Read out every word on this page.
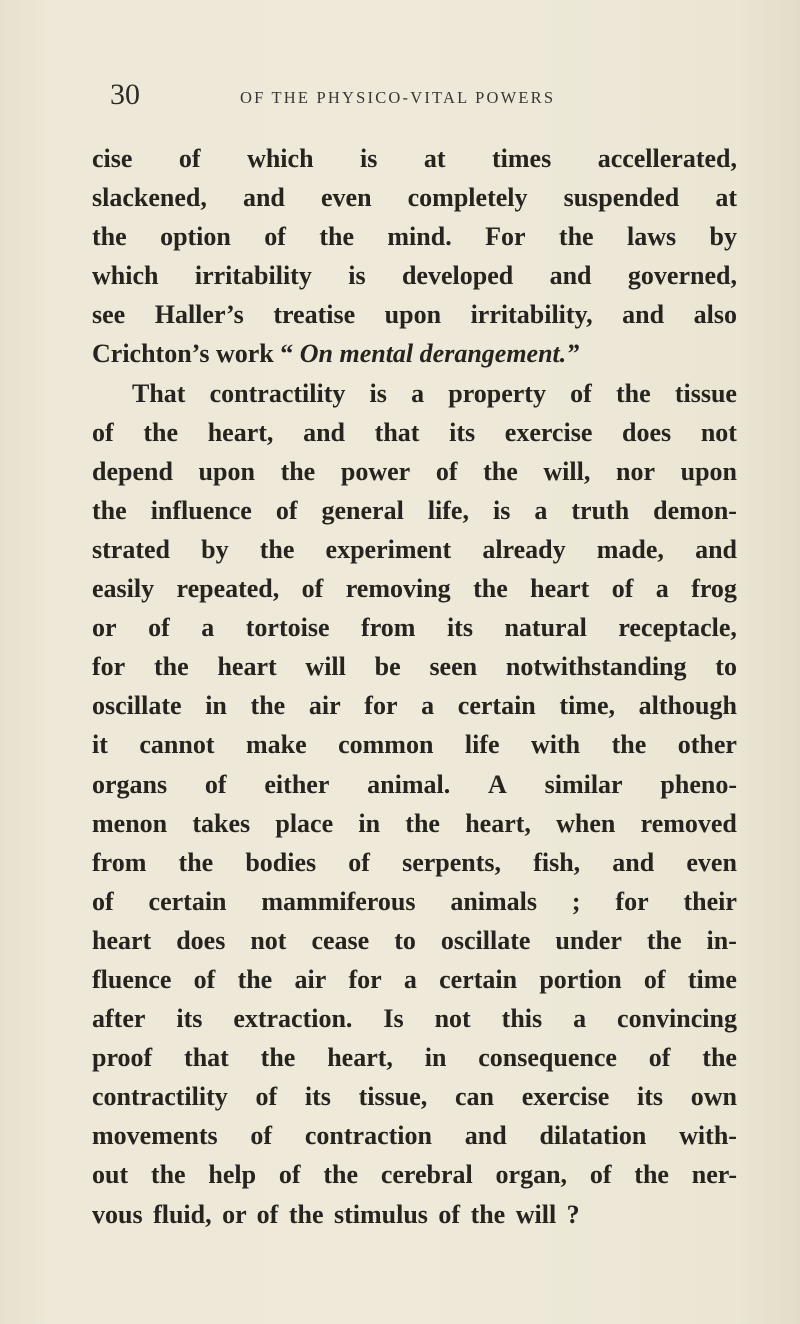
30	OF THE PHYSICO-VITAL POWERS
cise of which is at times accellerated,
slackened, and even completely suspended at
the option of the mind. For the laws by
which irritability is developed and governed,
see Haller’s treatise upon irritability, and also
Crichton’s work “ On mental derangement.”
That contractility is a property of the tissue
of the heart, and that its exercise does not
depend upon the power of the will, nor upon
the influence of general life, is a truth demon-
strated by the experiment already made, and
easily repeated, of removing the heart of a frog
or of a tortoise from its natural receptacle,
for the heart will be seen notwithstanding to
oscillate in the air for a certain time, although
it cannot make common life with the other
organs of either animal. A similar pheno-
menon takes place in the heart, when removed
from the bodies of serpents, fish, and even
of certain mammiferous animals ; for their
heart does not cease to oscillate under the in-
fluence of the air for a certain portion of time
after its extraction. Is not this a convincing
proof that the heart, in consequence of the
contractility of its tissue, can exercise its own
movements of contraction and dilatation with-
out the help of the cerebral organ, of the ner-
vous fluid, or of the stimulus of the will ?
